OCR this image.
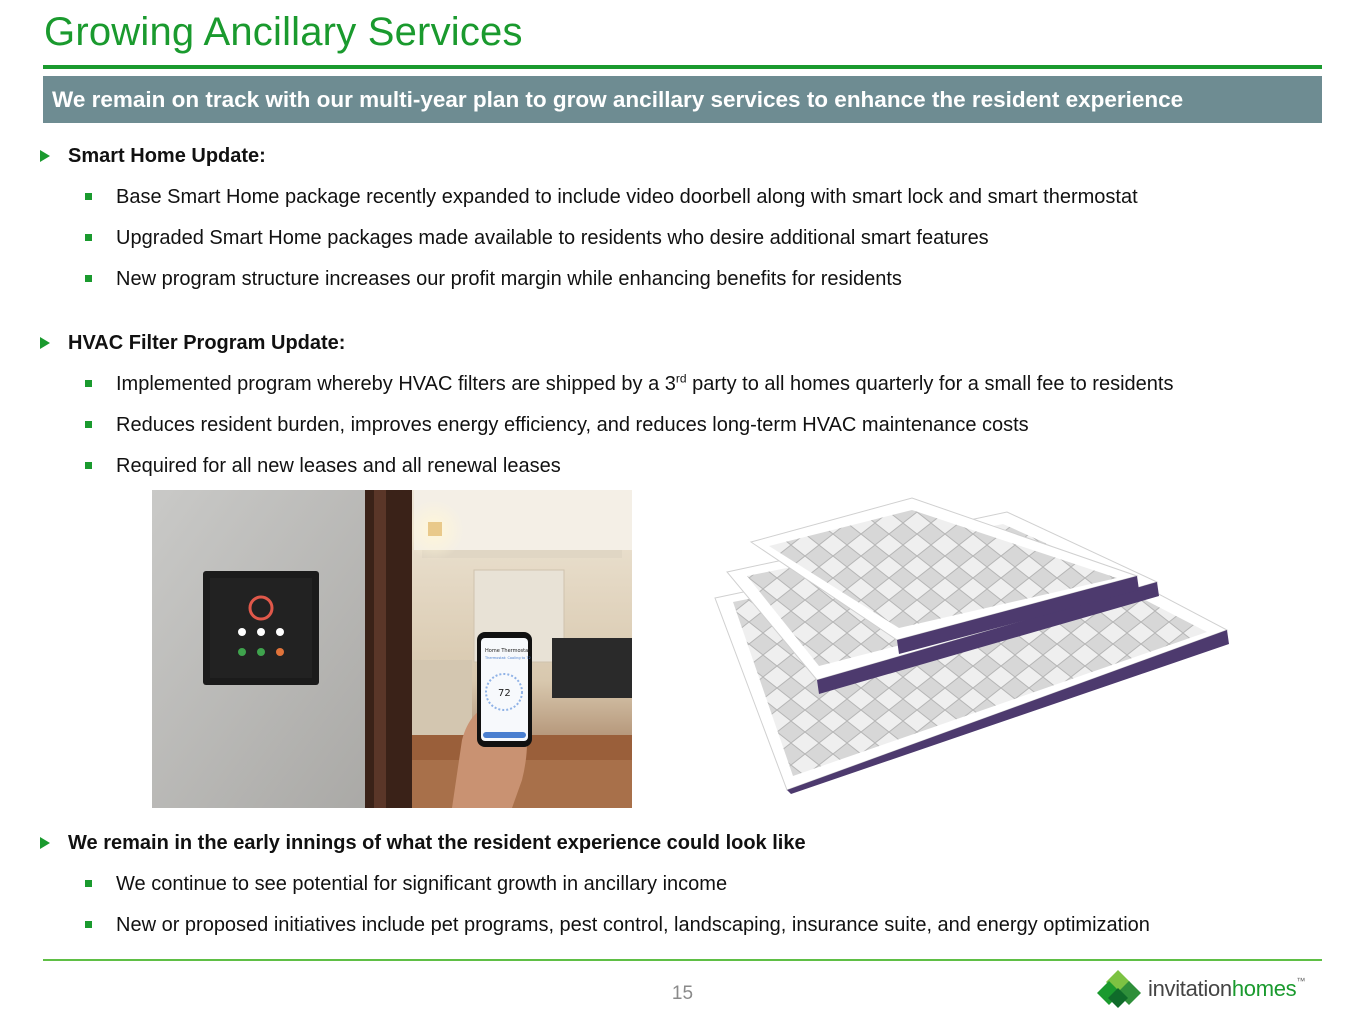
Growing Ancillary Services
We remain on track with our multi-year plan to grow ancillary services to enhance the resident experience
Smart Home Update:
Base Smart Home package recently expanded to include video doorbell along with smart lock and smart thermostat
Upgraded Smart Home packages made available to residents who desire additional smart features
New program structure increases our profit margin while enhancing benefits for residents
HVAC Filter Program Update:
Implemented program whereby HVAC filters are shipped by a 3rd party to all homes quarterly for a small fee to residents
Reduces resident burden, improves energy efficiency, and reduces long-term HVAC maintenance costs
Required for all new leases and all renewal leases
Home Thermostat
Thermostat: Cooling to 72
72
We remain in the early innings of what the resident experience could look like
We continue to see potential for significant growth in ancillary income
New or proposed initiatives include pet programs, pest control, landscaping, insurance suite, and energy optimization
15	invitationhomes™
